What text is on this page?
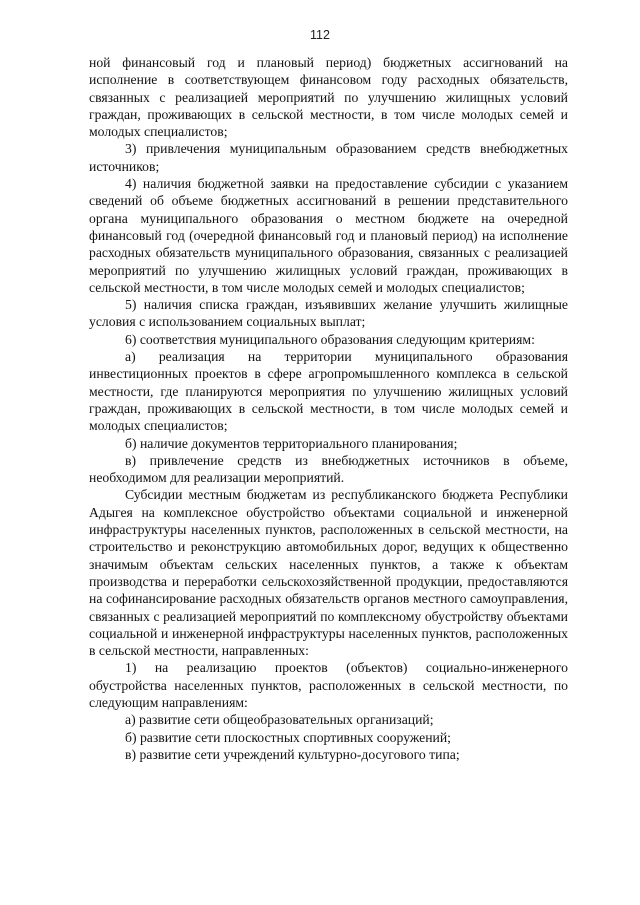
112

ной финансовый год и плановый период) бюджетных ассигнований на исполнение в соответствующем финансовом году расходных обязательств, связанных с реализацией мероприятий по улучшению жилищных условий граждан, проживающих в сельской местности, в том числе молодых семей и молодых специалистов;

3) привлечения муниципальным образованием средств внебюджетных источников;

4) наличия бюджетной заявки на предоставление субсидии с указанием сведений об объеме бюджетных ассигнований в решении представительного органа муниципального образования о местном бюджете на очередной финансовый год (очередной финансовый год и плановый период) на исполнение расходных обязательств муниципального образования, связанных с реализацией мероприятий по улучшению жилищных условий граждан, проживающих в сельской местности, в том числе молодых семей и молодых специалистов;

5) наличия списка граждан, изъявивших желание улучшить жилищные условия с использованием социальных выплат;

6) соответствия муниципального образования следующим критериям:

а) реализация на территории муниципального образования инвестиционных проектов в сфере агропромышленного комплекса в сельской местности, где планируются мероприятия по улучшению жилищных условий граждан, проживающих в сельской местности, в том числе молодых семей и молодых специалистов;

б) наличие документов территориального планирования;

в) привлечение средств из внебюджетных источников в объеме, необходимом для реализации мероприятий.

Субсидии местным бюджетам из республиканского бюджета Республики Адыгея на комплексное обустройство объектами социальной и инженерной инфраструктуры населенных пунктов, расположенных в сельской местности, на строительство и реконструкцию автомобильных дорог, ведущих к общественно значимым объектам сельских населенных пунктов, а также к объектам производства и переработки сельскохозяйственной продукции, предоставляются на софинансирование расходных обязательств органов местного самоуправления, связанных с реализацией мероприятий по комплексному обустройству объектами социальной и инженерной инфраструктуры населенных пунктов, расположенных в сельской местности, направленных:

1) на реализацию проектов (объектов) социально-инженерного обустройства населенных пунктов, расположенных в сельской местности, по следующим направлениям:

а) развитие сети общеобразовательных организаций;

б) развитие сети плоскостных спортивных сооружений;

в) развитие сети учреждений культурно-досугового типа;
